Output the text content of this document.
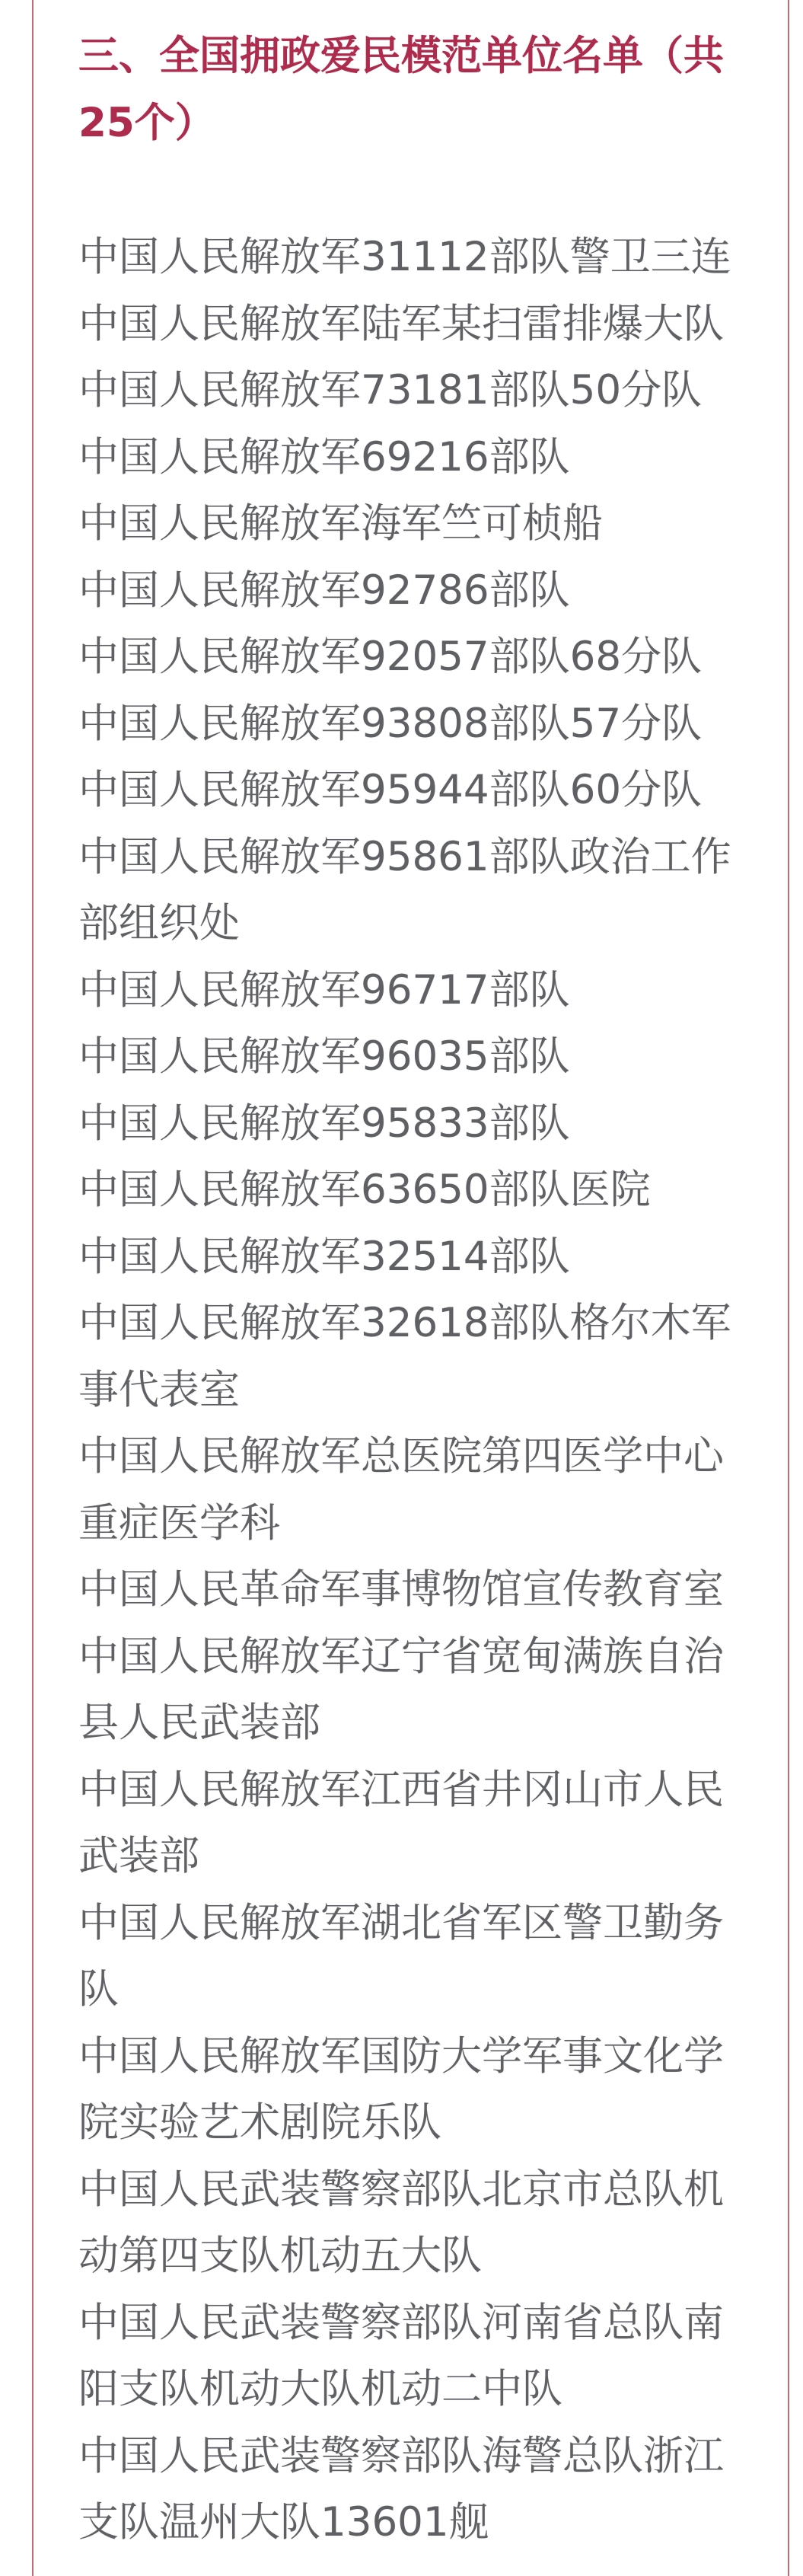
三、全国拥政爱民模范单位名单（共25个）
中国人民解放军31112部队警卫三连
中国人民解放军陆军某扫雷排爆大队
中国人民解放军73181部队50分队
中国人民解放军69216部队
中国人民解放军海军竺可桢船
中国人民解放军92786部队
中国人民解放军92057部队68分队
中国人民解放军93808部队57分队
中国人民解放军95944部队60分队
中国人民解放军95861部队政治工作部组织处
中国人民解放军96717部队
中国人民解放军96035部队
中国人民解放军95833部队
中国人民解放军63650部队医院
中国人民解放军32514部队
中国人民解放军32618部队格尔木军事代表室
中国人民解放军总医院第四医学中心重症医学科
中国人民革命军事博物馆宣传教育室
中国人民解放军辽宁省宽甸满族自治县人民武装部
中国人民解放军江西省井冈山市人民武装部
中国人民解放军湖北省军区警卫勤务队
中国人民解放军国防大学军事文化学院实验艺术剧院乐队
中国人民武装警察部队北京市总队机动第四支队机动五大队
中国人民武装警察部队河南省总队南阳支队机动大队机动二中队
中国人民武装警察部队海警总队浙江支队温州大队13601舰
